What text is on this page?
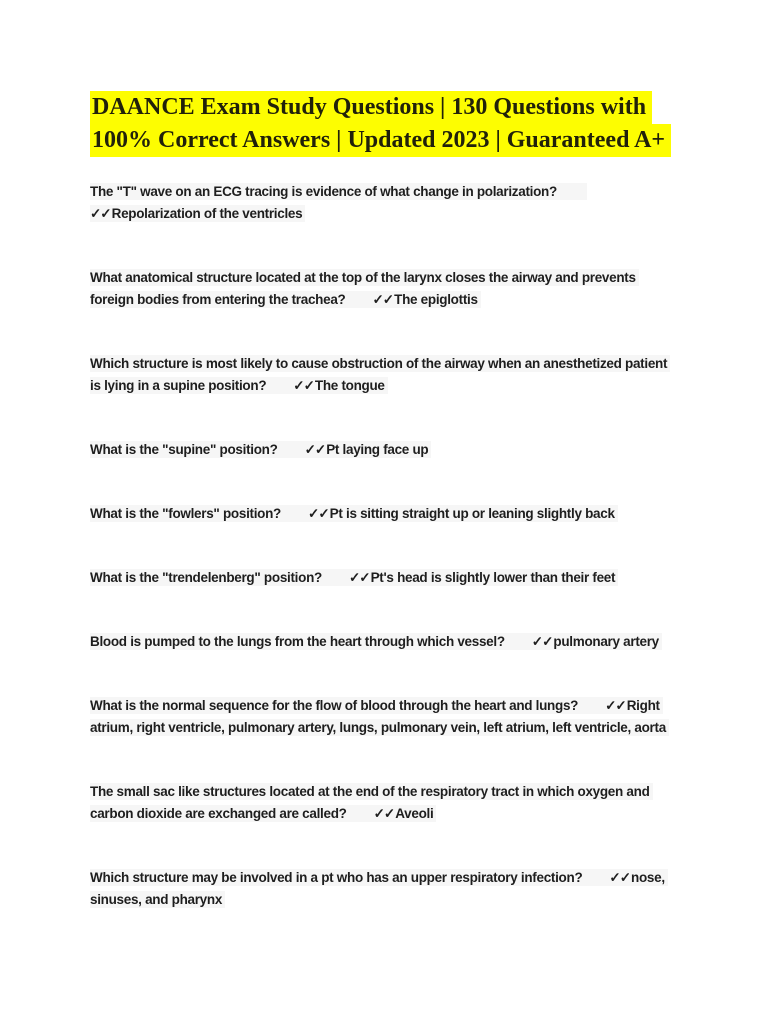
DAANCE Exam Study Questions | 130 Questions with
100% Correct Answers | Updated 2023 | Guaranteed A+

The "T" wave on an ECG tracing is evidence of what change in polarization?✓✓Repolarization of the ventricles

What anatomical structure located at the top of the larynx closes the airway and prevents foreign bodies from entering the trachea? ✓✓The epiglottis

Which structure is most likely to cause obstruction of the airway when an anesthetized patient is lying in a supine position? ✓✓The tongue

What is the "supine" position? ✓✓Pt laying face up

What is the "fowlers" position? ✓✓Pt is sitting straight up or leaning slightly back

What is the "trendelenberg" position? ✓✓Pt's head is slightly lower than their feet

Blood is pumped to the lungs from the heart through which vessel? ✓✓pulmonary artery

What is the normal sequence for the flow of blood through the heart and lungs? ✓✓Right atrium, right ventricle, pulmonary artery, lungs, pulmonary vein, left atrium, left ventricle, aorta

The small sac like structures located at the end of the respiratory tract in which oxygen and carbon dioxide are exchanged are called? ✓✓Aveoli

Which structure may be involved in a pt who has an upper respiratory infection? ✓✓nose, sinuses, and pharynx
